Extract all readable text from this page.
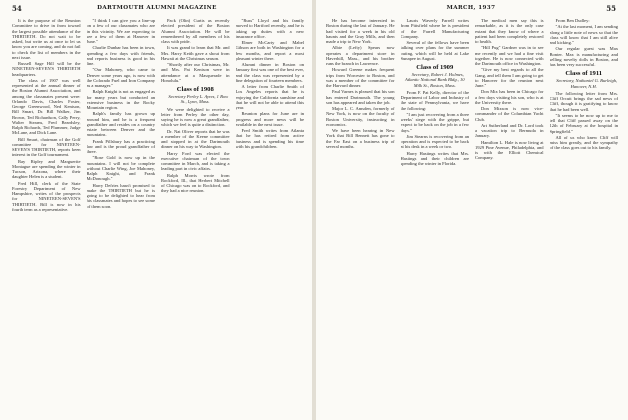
54	DARTMOUTH ALUMNI MAGAZINE

It is the purpose of the Reunion Committee to drive in from toward the largest possible attendance of the THIRTIETH. Do not wait to be asked, but write us at once to let us know you are coming, and do not fail to check the list of members in the next issue.

Russell Sage Hill will be the NINETEEN-SEVEN'S THIRTIETH headquarters.

The class of 1907 was well represented at the annual dinner of the Boston Alumni Association, and among the classmates present were: Orlando Davis, Charles Foster, George Greenwood, Ned Kenison, Bill Smart, Dr. Bill Walker, Jim Brown, Ted Richardson, Cally Perry, Walter Stearns, Fred Beardsley, Ralph Richards, Ted Plummer, Judge McLane, and Dick Lane.

Bill Smart, chairman of the Golf committee for NINETEEN-SEVEN'S THIRTIETH, reports keen interest in the Golf tournament.

Ray Ripley and Marguerite Montague are spending the winter in Tucson, Arizona, where their daughter Helen is a student.

Fred Hill, clerk of the State Forestry Department of New Hampshire, writes of the prospects for NINETEEN-SEVEN'S THIRTIETH. Bill is now in his fourth term as a representative.

"I think I can give you a line-up on a few of our classmates who are in this vicinity. We are expecting to see a few of them at Hanover in June."

Charlie Dunbar has been in town, spending a few days with friends, and reports business is good in his line.

"Our Mahoney, who came to Denver some years ago, is now with the Colorado Fuel and Iron Company as a manager."

Ralph Knight is not as engaged as for many years but conducted an extensive business in the Rocky Mountain region.

Ralph's family has grown up around him, and he is a frequent grandfather and resides on a country estate between Denver and the mountains.

Frank Pillsbury has a practicing law and is the proud grandfather of three.

"Rose Gold is now up in the mountains. I will not be complete without Charlie Wing, Joe Mahoney, Ralph Knight, and Frank McDonough."

Harry Defries hasn't promised to make the THIRTIETH but he is going to be delighted to hear from his classmates and hopes to see some of them soon.

Pack (Olin) Curtis as recently elected president of the Boston Alumni Association. He will be remembered by all members of his class with pride.

It was grand to learn that Mr. and Mrs. Harry Keith gave a shout from Hawaii at the Christmas season.

"Shortly after our Christmas, Mr. and Mrs. Pat Kenison were in attendance at a Masquerade in Honolulu."

Class of 1908

Secretary Perley L. Ayres, 1 Bow St., Lynn, Mass.

We were delighted to receive a letter from Perley the other day, saying he is now a great grandfather, which we feel is quite a distinction.

Dr. Nat Oliver reports that he was a member of the Keene committee and stopped in at the Dartmouth dinner on his way to Washington.

Harry Ford was elected the executive chairman of the town committee in March, and is taking a leading part in civic affairs.

Ralph Morris wrote from Rockford, Ill., that Herbert Mitchell of Chicago was on to Rockford, and they had a nice reunion.

"Russ" Lloyd and his family moved to Hartford recently, and he is taking up duties with a new insurance office.

Elmer McCarty and Mabel Gibson are both in Washington for a few months, and report a most pleasant winter there.

Alumni dinner in Boston on January first was one of the best ever, and the class was represented by a fine delegation of fourteen members.

A letter from Charlie Smith of Los Angeles reports that he is enjoying the California sunshine and that he will not be able to attend this year.

Reunion plans for June are in progress and more news will be available in the next issue.

Fred Smith writes from Atlanta that he has retired from active business and is spending his time with his grandchildren.

MARCH, 1937	55

He has become interested in Boston during the last of January. He had visited for a week in his old haunts and the Gray Mills, and then made a trip to New York.

Albie (Lefty) Spears now operates a department store in Haverhill, Mass., and his brother runs the branch in Lawrence.

Howard Greene makes frequent trips from Worcester to Boston, and was a member of the committee for the Harvard dinner.

Paul Varnes is pleased that his son has entered Dartmouth. The young son has appeared and taken the job.

Major L. C. Amsden, formerly of New York, is now on the faculty of Boston University, instructing in economics.

We have been hearing in New York that Bill Bennett has gone to the Far East on a business trip of several months.

Lauris Waverly Farrell writes from Pittsfield where he is president of the Farrell Manufacturing Company.

Several of the fellows have been talking over plans for the summer outing, which will be held at Lake Sunapee in August.

Class of 1909

Secretary, Robert J. Holmes, Atlantic National Bank Bldg., 10 Milk St., Boston, Mass.

From F. Pat Kelly, director of the Department of Labor and Industry of the state of Pennsylvania, we have the following:

"I am just recovering from a three weeks' siege with the grippe, but expect to be back on the job in a few days."

Jim Stearns is recovering from an operation and is expected to be back at his desk in a week or two.

Harry Hastings writes that Mrs. Hastings and their children are spending the winter in Florida.

The medical men say this is remarkable, as it is the only case extant that they know of where a patient had been completely restored to health.

"Hill Pug" Gardner was in to see me recently and we had a fine visit together. He is now connected with the Dartmouth office in Washington.

"Give my best regards to all the Gang, and tell them I am going to get to Hanover for the reunion next June."

Don Mix has been in Chicago for a few days visiting his son, who is at the University there.

Don Mixson is now vice-commander of the Columbian Yacht Club.

Art Sutherland and Dr. Lord took a vacation trip to Bermuda in January.

Hamilton L. Hale is now living at 1929 Pine Avenue, Philadelphia, and is with the Elliott Chemical Company.

From Ben Dudley:

"At the last moment, I am sending along a little note of news so that the class will know that I am still alive and kicking."

Our regular guest was Max Bonter. Max is manufacturing and selling novelty dolls in Boston, and has been very successful.

Class of 1911

Secretary, Nathaniel G. Burleigh, Hanover, N.H.

The following letter from Mrs. Cliff Orcutt brings the sad news of Cliff, though it is gratifying to know that he had been well.

"It seems to be now up to me to tell that Cliff passed away on the 12th of February at the hospital in Springfield."

All of us who knew Cliff will miss him greatly, and the sympathy of the class goes out to his family.
